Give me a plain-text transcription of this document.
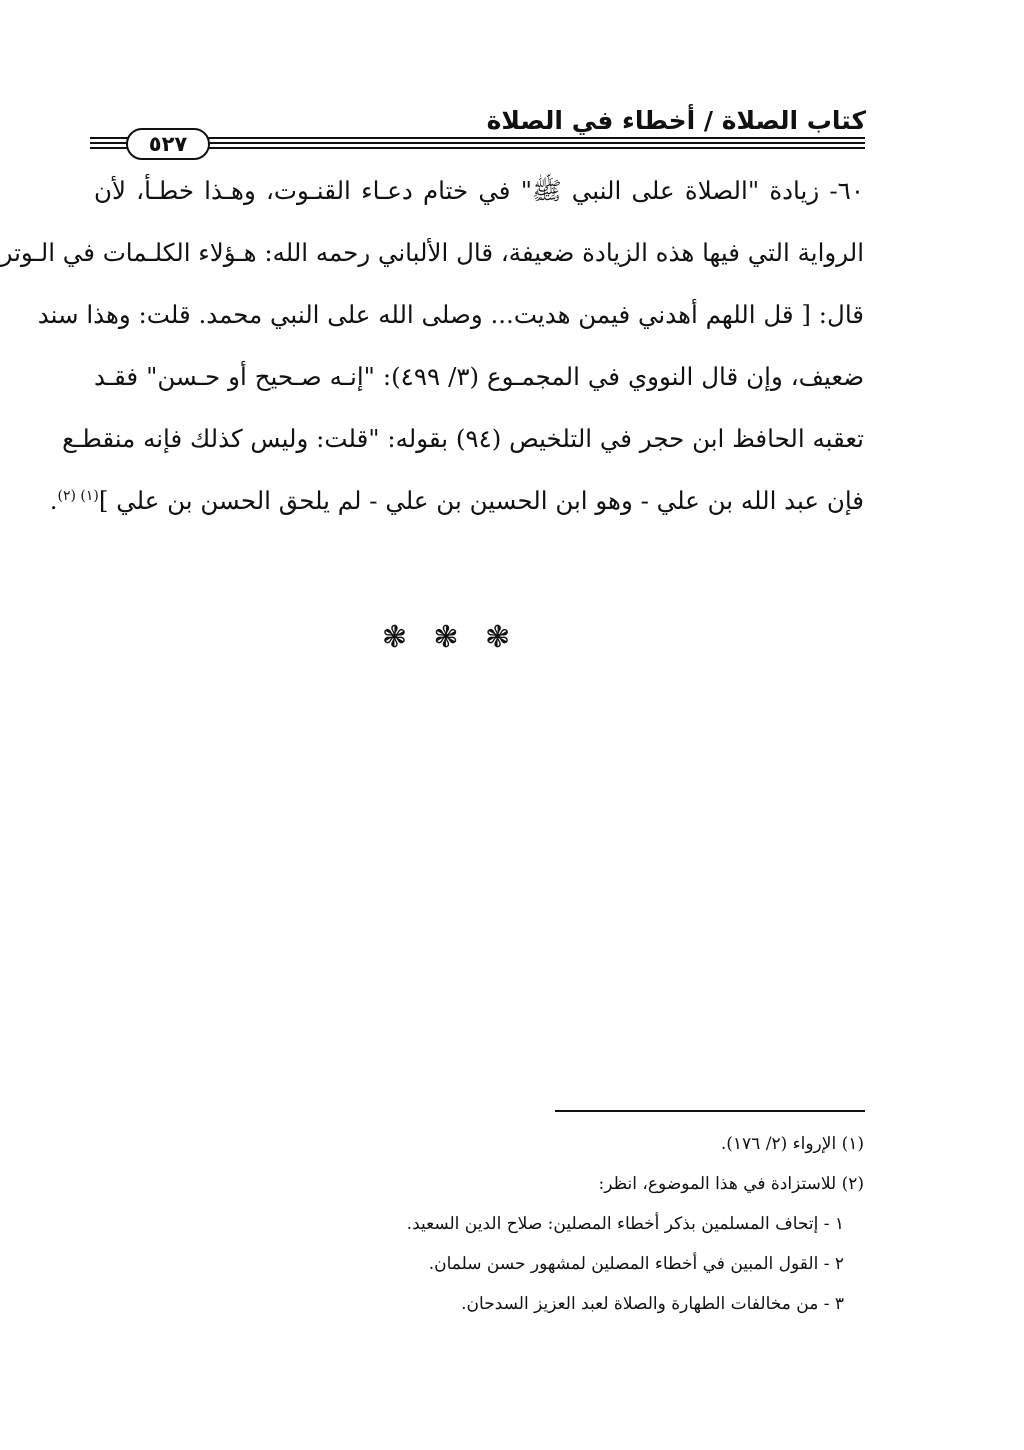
كتاب الصلاة / أخطاء في الصلاة
٥٢٧
٦٠- زيادة "الصلاة على النبي ﷺ" في ختام دعـاء القنـوت، وهـذا خطـأ، لأن
الرواية التي فيها هذه الزيادة ضعيفة، قال الألباني رحمه الله: هـؤلاء الكلـمات في الـوتر
قال: [ قل اللهم أهدني فيمن هديت... وصلى الله على النبي محمد. قلت: وهذا سند
ضعيف، وإن قال النووي في المجمـوع (٣/ ٤٩٩): "إنـه صـحيح أو حـسن" فقـد
تعقبه الحافظ ابن حجر في التلخيص (٩٤) بقوله: "قلت: وليس كذلك فإنه منقطـع
فإن عبد الله بن علي - وهو ابن الحسين بن علي - لم يلحق الحسن بن علي ]$^{(١) (٢)}$.
❃ ❃ ❃
(١) الإرواء (٢/ ١٧٦).
(٢) للاستزادة في هذا الموضوع، انظر:
١ - إتحاف المسلمين بذكر أخطاء المصلين: صلاح الدين السعيد.
٢ - القول المبين في أخطاء المصلين لمشهور حسن سلمان.
٣ - من مخالفات الطهارة والصلاة لعبد العزيز السدحان.
